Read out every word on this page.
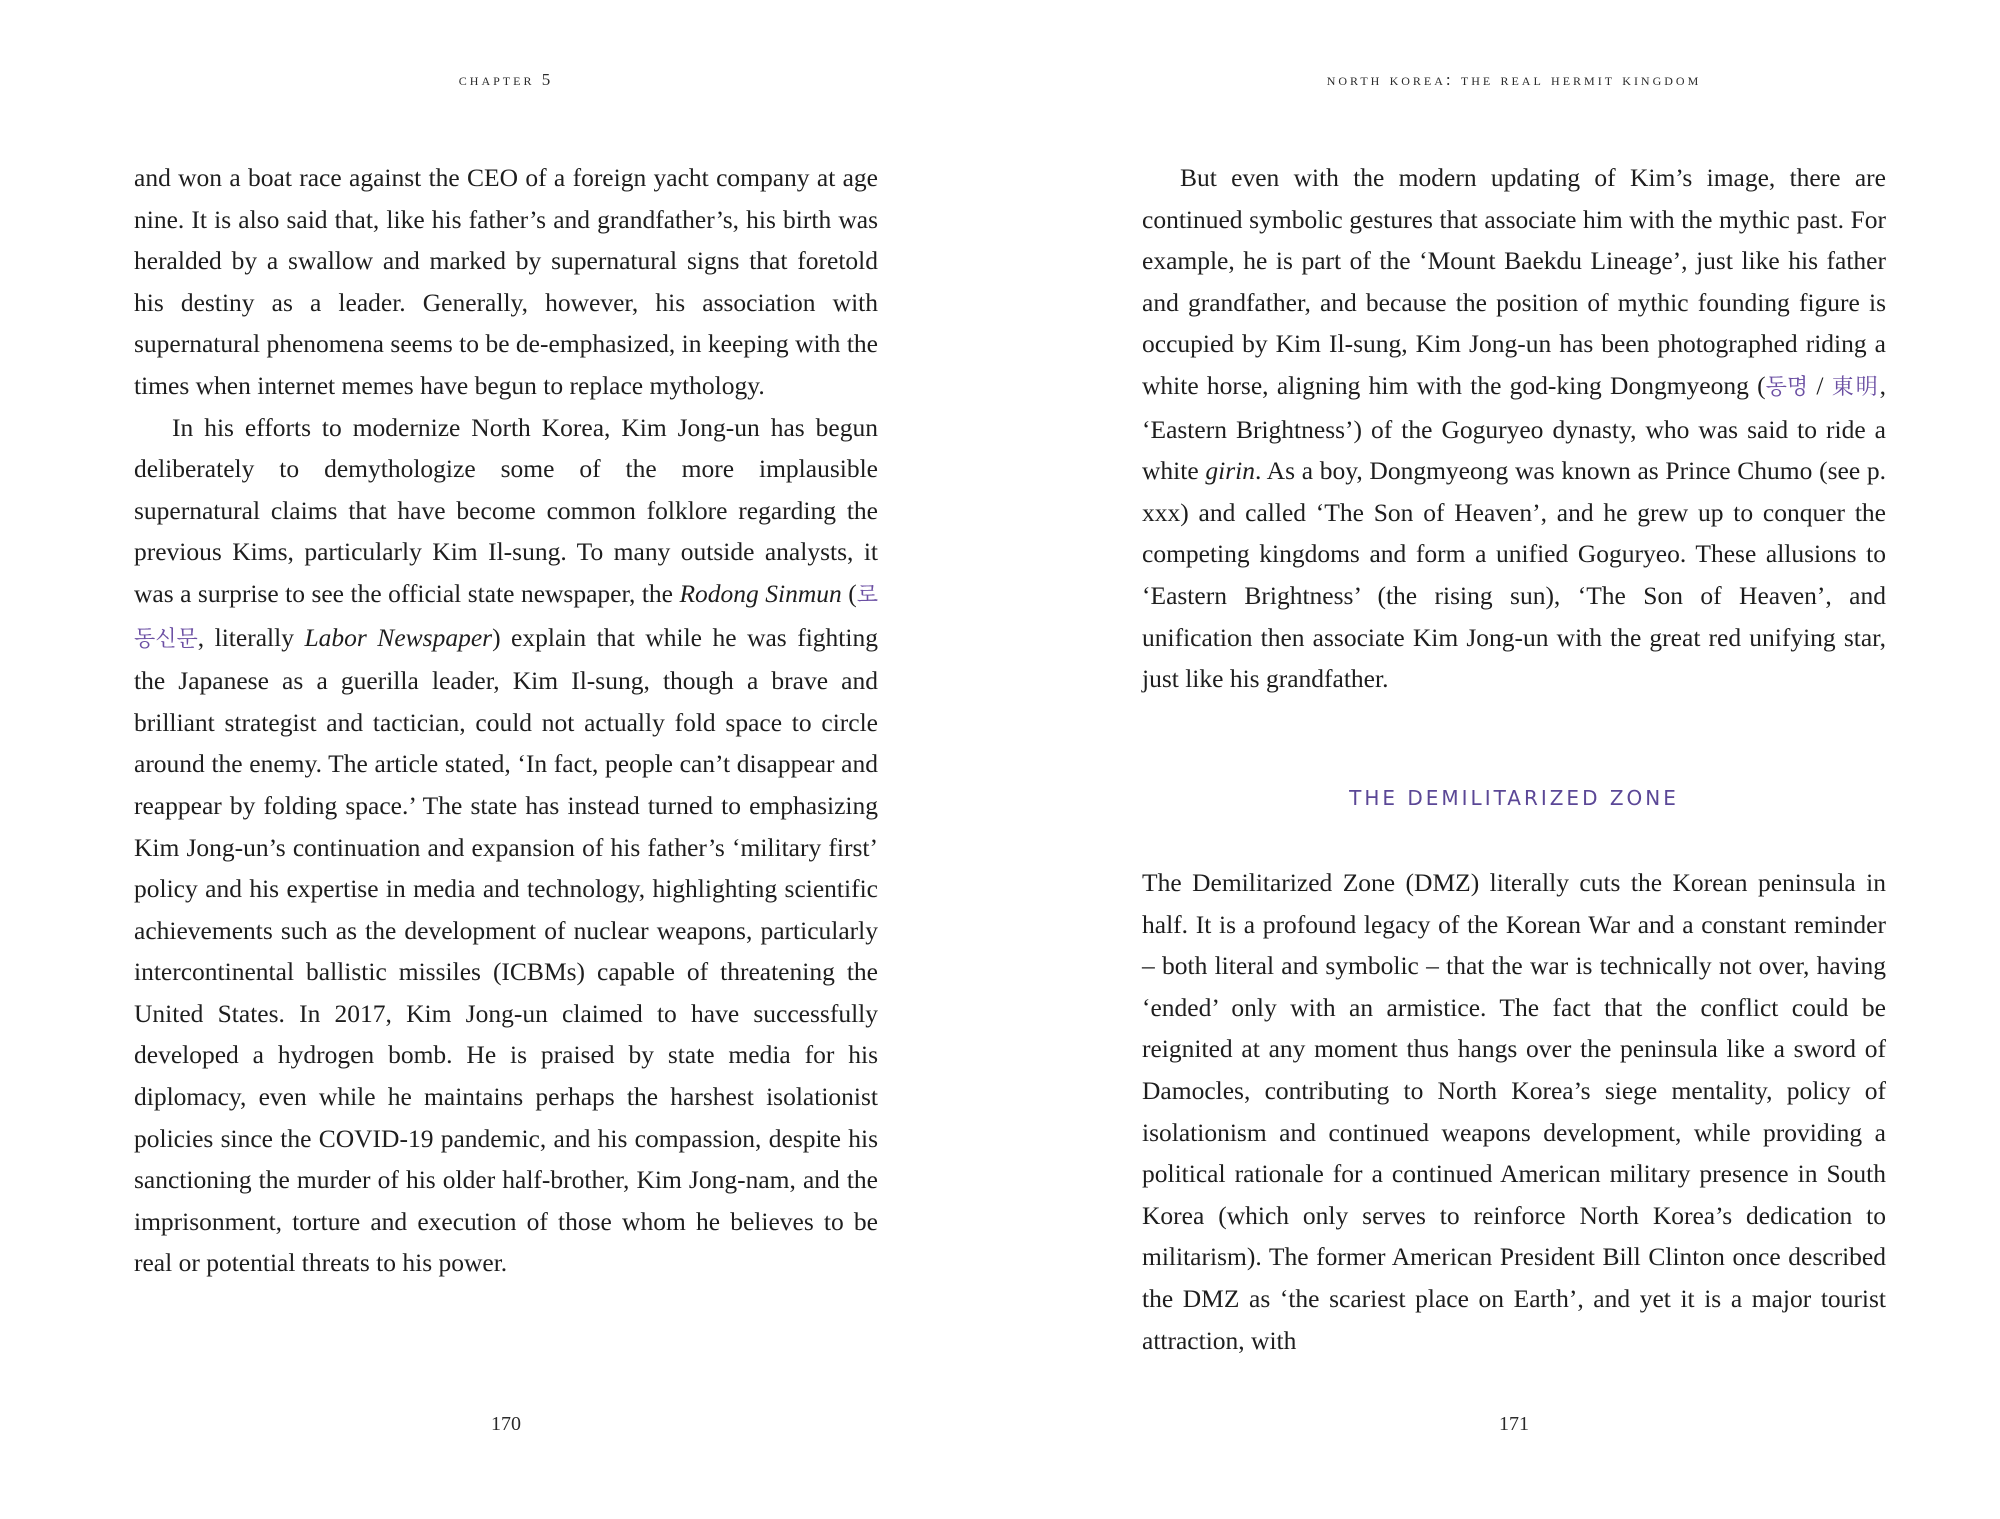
chapter 5

and won a boat race against the CEO of a foreign yacht company at age nine. It is also said that, like his father’s and grandfather’s, his birth was heralded by a swallow and marked by supernatural signs that foretold his destiny as a leader. Generally, however, his association with supernatural phenomena seems to be de-emphasized, in keeping with the times when internet memes have begun to replace mythology.

In his efforts to modernize North Korea, Kim Jong-un has begun deliberately to demythologize some of the more implausible supernatural claims that have become common folklore regarding the previous Kims, particularly Kim Il-sung. To many outside analysts, it was a surprise to see the official state newspaper, the Rodong Sinmun (로동신문, literally Labor Newspaper) explain that while he was fighting the Japanese as a guerilla leader, Kim Il-sung, though a brave and brilliant strategist and tactician, could not actually fold space to circle around the enemy. The article stated, ‘In fact, people can’t disappear and reappear by folding space.’ The state has instead turned to emphasizing Kim Jong-un’s continuation and expansion of his father’s ‘military first’ policy and his expertise in media and technology, highlighting scientific achievements such as the development of nuclear weapons, particularly intercontinental ballistic missiles (ICBMs) capable of threatening the United States. In 2017, Kim Jong-un claimed to have successfully developed a hydrogen bomb. He is praised by state media for his diplomacy, even while he maintains perhaps the harshest isolationist policies since the COVID-19 pandemic, and his compassion, despite his sanctioning the murder of his older half-brother, Kim Jong-nam, and the imprisonment, torture and execution of those whom he believes to be real or potential threats to his power.

170
north korea: the real hermit kingdom

But even with the modern updating of Kim’s image, there are continued symbolic gestures that associate him with the mythic past. For example, he is part of the ‘Mount Baekdu Lineage’, just like his father and grandfather, and because the position of mythic founding figure is occupied by Kim Il-sung, Kim Jong-un has been photographed riding a white horse, aligning him with the god-king Dongmyeong (동명 / 東明, ‘Eastern Brightness’) of the Goguryeo dynasty, who was said to ride a white girin. As a boy, Dongmyeong was known as Prince Chumo (see p. xxx) and called ‘The Son of Heaven’, and he grew up to conquer the competing kingdoms and form a unified Goguryeo. These allusions to ‘Eastern Brightness’ (the rising sun), ‘The Son of Heaven’, and unification then associate Kim Jong-un with the great red unifying star, just like his grandfather.

THE DEMILITARIZED ZONE

The Demilitarized Zone (DMZ) literally cuts the Korean peninsula in half. It is a profound legacy of the Korean War and a constant reminder – both literal and symbolic – that the war is technically not over, having ‘ended’ only with an armistice. The fact that the conflict could be reignited at any moment thus hangs over the peninsula like a sword of Damocles, contributing to North Korea’s siege mentality, policy of isolationism and continued weapons development, while providing a political rationale for a continued American military presence in South Korea (which only serves to reinforce North Korea’s dedication to militarism). The former American President Bill Clinton once described the DMZ as ‘the scariest place on Earth’, and yet it is a major tourist attraction, with

171
